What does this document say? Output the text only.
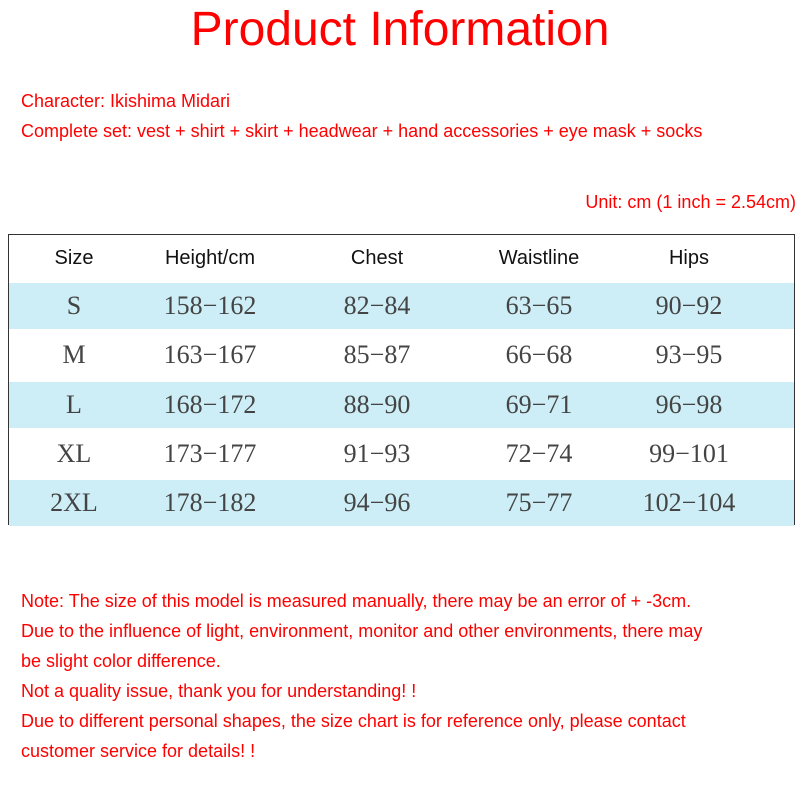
Product Information
Character: Ikishima Midari
Complete set: vest + shirt + skirt + headwear + hand accessories + eye mask + socks
Unit: cm (1 inch = 2.54cm)
Size	Height/cm	Chest	Waistline	Hips
S	158−162	82−84	63−65	90−92
M	163−167	85−87	66−68	93−95
L	168−172	88−90	69−71	96−98
XL	173−177	91−93	72−74	99−101
2XL	178−182	94−96	75−77	102−104
Note: The size of this model is measured manually, there may be an error of + -3cm.
Due to the influence of light, environment, monitor and other environments, there may
be slight color difference.
Not a quality issue, thank you for understanding! !
Due to different personal shapes, the size chart is for reference only, please contact
customer service for details! !
